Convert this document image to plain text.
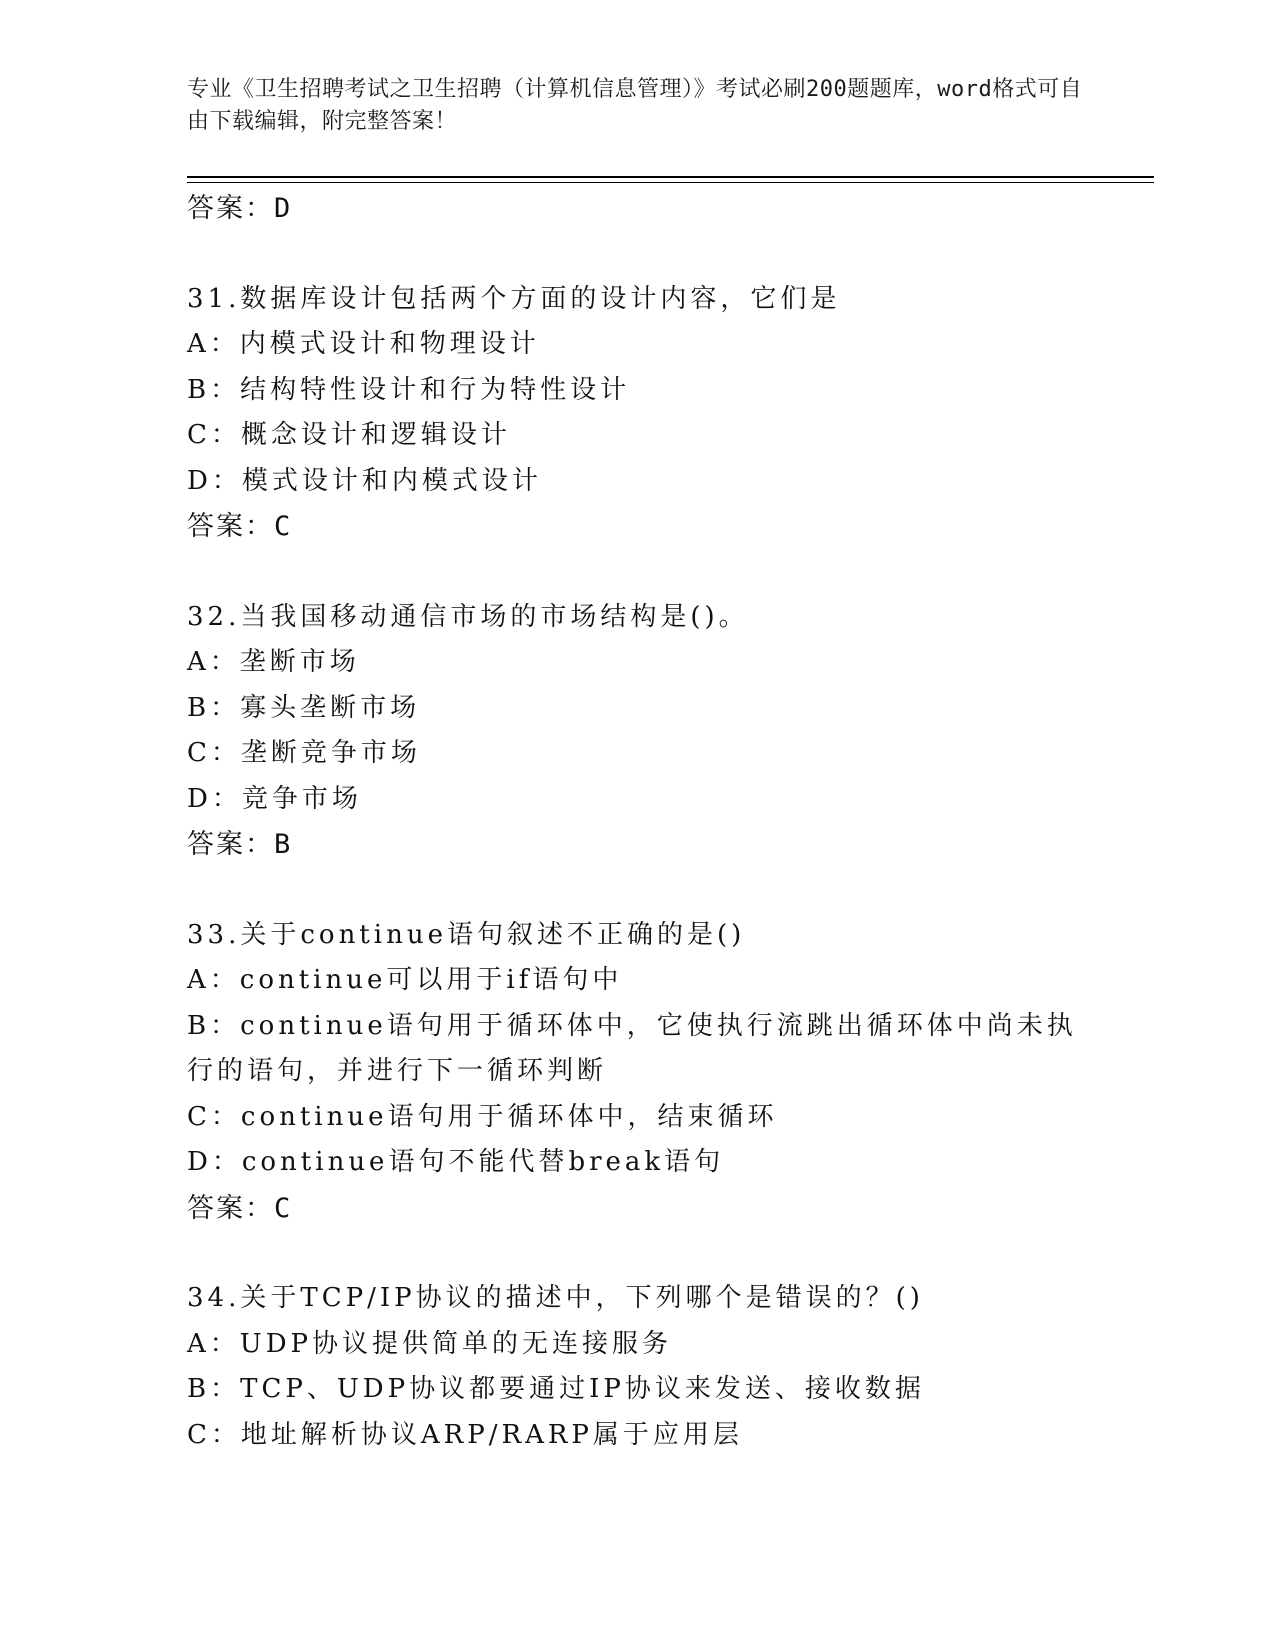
专业《卫生招聘考试之卫生招聘（计算机信息管理）》考试必刷200题题库，word格式可自由下载编辑，附完整答案！
答案：D
31.数据库设计包括两个方面的设计内容，它们是
A：内模式设计和物理设计
B：结构特性设计和行为特性设计
C：概念设计和逻辑设计
D：模式设计和内模式设计
答案：C
32.当我国移动通信市场的市场结构是()。
A：垄断市场
B：寡头垄断市场
C：垄断竞争市场
D：竞争市场
答案：B
33.关于continue语句叙述不正确的是()
A：continue可以用于if语句中
B：continue语句用于循环体中，它使执行流跳出循环体中尚未执行的语句，并进行下一循环判断
C：continue语句用于循环体中，结束循环
D：continue语句不能代替break语句
答案：C
34.关于TCP/IP协议的描述中，下列哪个是错误的？()
A：UDP协议提供简单的无连接服务
B：TCP、UDP协议都要通过IP协议来发送、接收数据
C：地址解析协议ARP/RARP属于应用层
